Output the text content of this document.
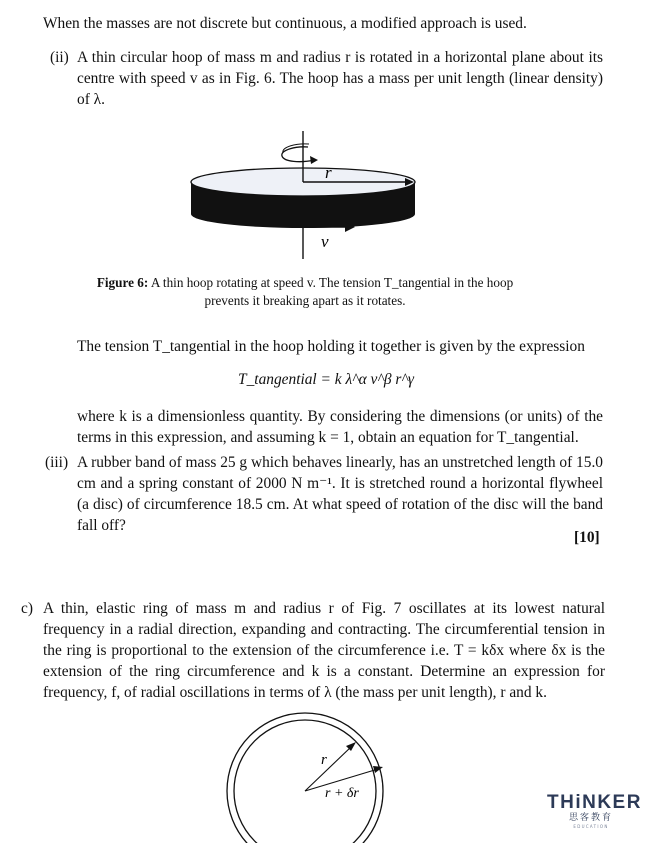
When the masses are not discrete but continuous, a modified approach is used.

(ii) A thin circular hoop of mass m and radius r is rotated in a horizontal plane about its centre with speed v as in Fig. 6. The hoop has a mass per unit length (linear density) of λ.

r
v
Figure 6: A thin hoop rotating at speed v. The tension T_tangential in the hoop
prevents it breaking apart as it rotates.

The tension T_tangential in the hoop holding it together is given by the expression

T_tangential = k λ^α v^β r^γ

where k is a dimensionless quantity. By considering the dimensions (or units) of the terms in this expression, and assuming k = 1, obtain an equation for T_tangential.

(iii) A rubber band of mass 25 g which behaves linearly, has an unstretched length of 15.0 cm and a spring constant of 2000 N m⁻¹. It is stretched round a horizontal flywheel (a disc) of circumference 18.5 cm. At what speed of rotation of the disc will the band fall off?

[10]
c) A thin, elastic ring of mass m and radius r of Fig. 7 oscillates at its lowest natural frequency in a radial direction, expanding and contracting. The circumferential tension in the ring is proportional to the extension of the circumference i.e. T = kδx where δx is the extension of the ring circumference and k is a constant. Determine an expression for frequency, f, of radial oscillations in terms of λ (the mass per unit length), r and k.

r
r + δr	THiNKER
思客教育
EDUCATION
